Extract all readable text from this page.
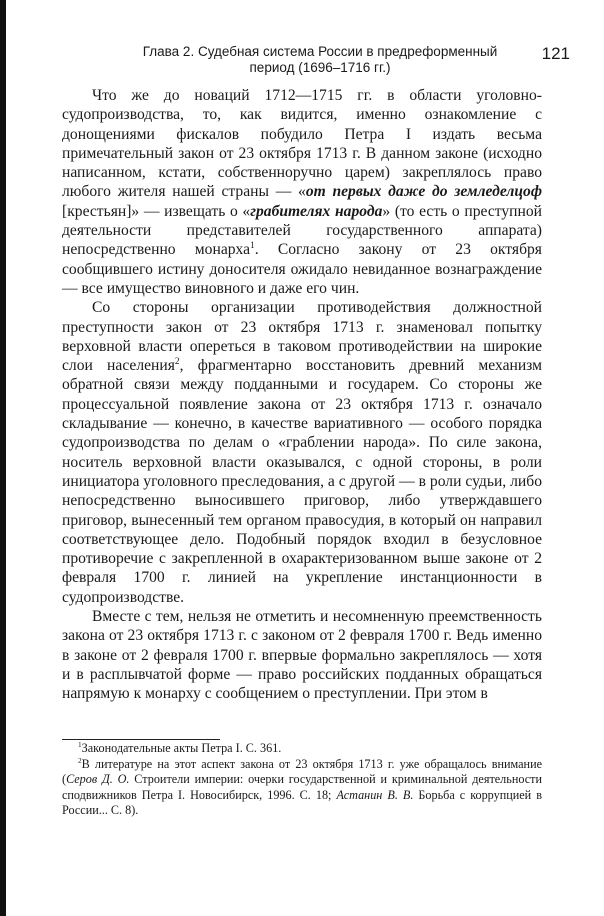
Глава 2. Судебная система России в предреформенный
период (1696–1716 гг.)
121

Что же до новаций 1712—1715 гг. в области уголовно-судопроизводства, то, как видится, именно ознакомление с донощениями фискалов побудило Петра I издать весьма примечательный закон от 23 октября 1713 г. В данном законе (исходно написанном, кстати, собственноручно царем) закреплялось право любого жителя нашей страны — «от первых даже до земледелцоф [крестьян]» — извещать о «грабителях народа» (то есть о преступной деятельности представителей государственного аппарата) непосредственно монарха$^1$. Согласно закону от 23 октября сообщившего истину доносителя ожидало невиданное вознаграждение — все имущество виновного и даже его чин.

Со стороны организации противодействия должностной преступности закон от 23 октября 1713 г. знаменовал попытку верховной власти опереться в таковом противодействии на широкие слои населения$^2$, фрагментарно восстановить древний механизм обратной связи между подданными и государем. Со стороны же процессуальной появление закона от 23 октября 1713 г. означало складывание — конечно, в качестве вариативного — особого порядка судопроизводства по делам о «граблении народа». По силе закона, носитель верховной власти оказывался, с одной стороны, в роли инициатора уголовного преследования, а с другой — в роли судьи, либо непосредственно выносившего приговор, либо утверждавшего приговор, вынесенный тем органом правосудия, в который он направил соответствующее дело. Подобный порядок входил в безусловное противоречие с закрепленной в охарактеризованном выше законе от 2 февраля 1700 г. линией на укрепление инстанционности в судопроизводстве.

Вместе с тем, нельзя не отметить и несомненную преемственность закона от 23 октября 1713 г. с законом от 2 февраля 1700 г. Ведь именно в законе от 2 февраля 1700 г. впервые формально закреплялось — хотя и в расплывчатой форме — право российских подданных обращаться напрямую к монарху с сообщением о преступлении. При этом в

$^1$Законодательные акты Петра I. С. 361.

$^2$В литературе на этот аспект закона от 23 октября 1713 г. уже обращалось внимание (Серов Д. О. Строители империи: очерки государственной и криминальной деятельности сподвижников Петра I. Новосибирск, 1996. С. 18; Астанин В. В. Борьба с коррупцией в России... С. 8).
